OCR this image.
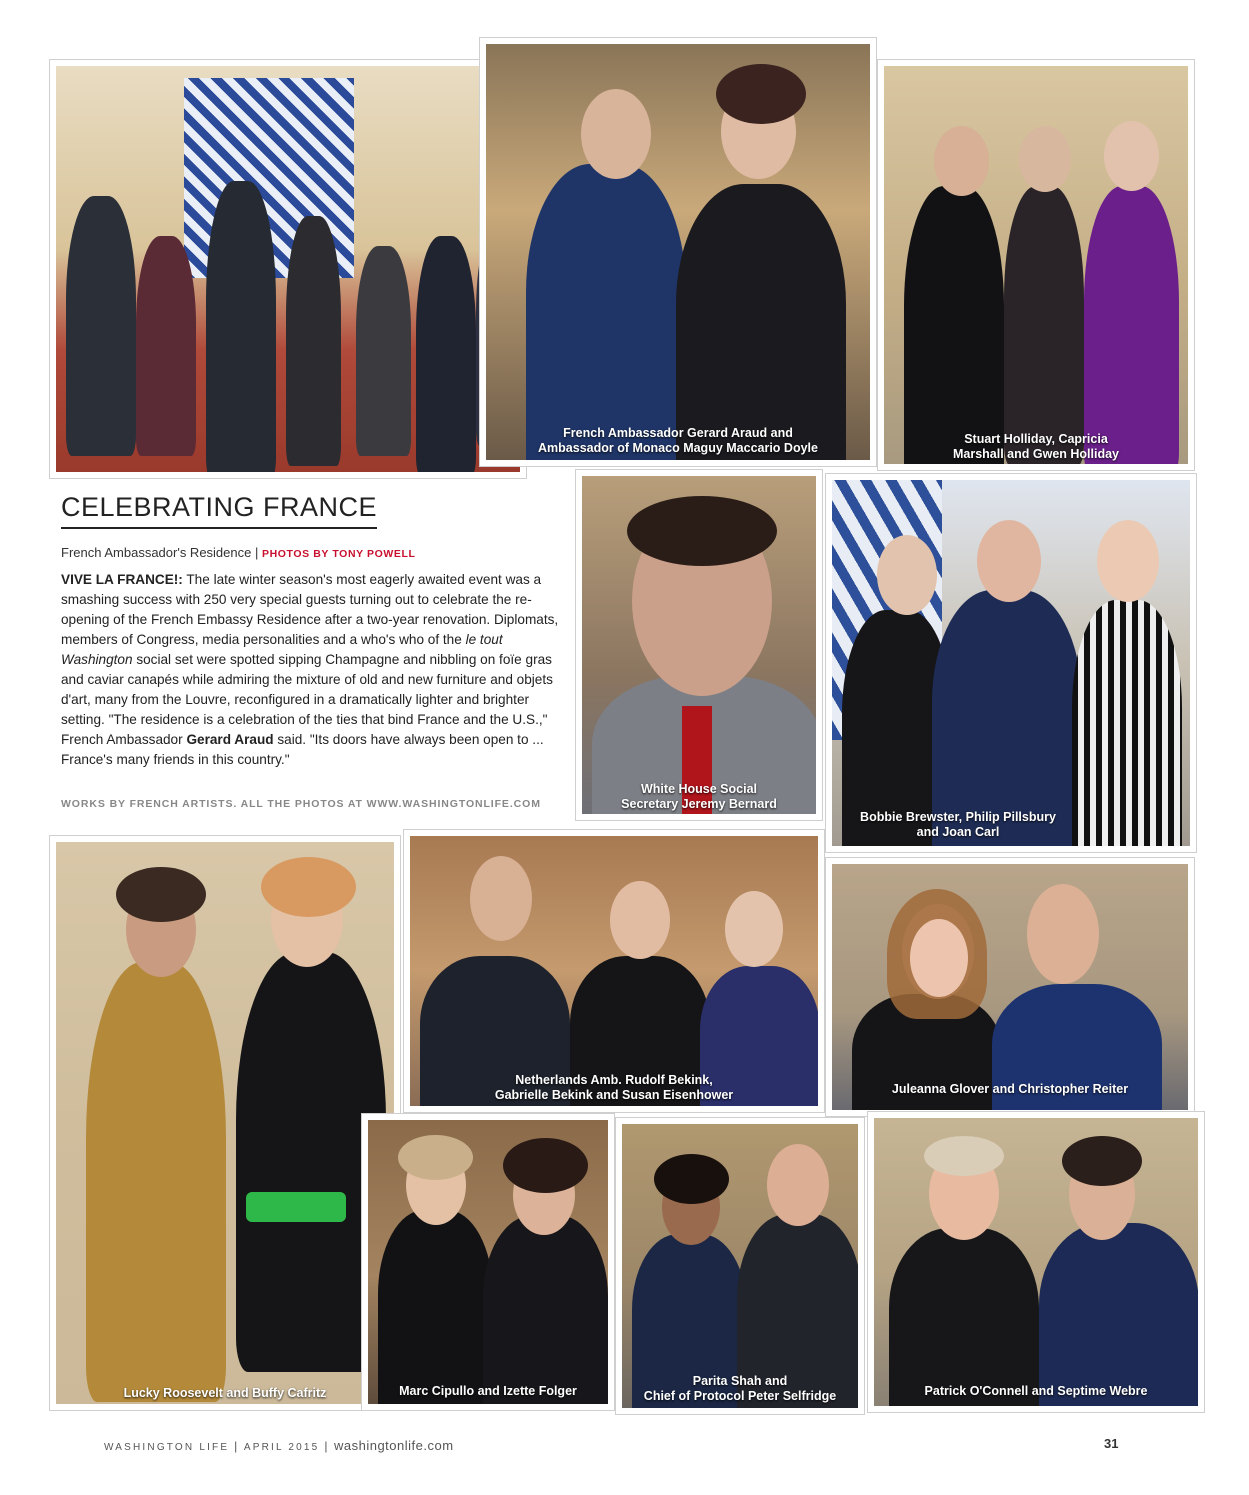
French Ambassador Gerard Araud and
Ambassador of Monaco Maguy Maccario Doyle
Stuart Holliday, Capricia
Marshall and Gwen Holliday
White House Social
Secretary Jeremy Bernard
Bobbie Brewster, Philip Pillsbury
and Joan Carl
CELEBRATING FRANCE
French Ambassador's Residence | PHOTOS BY TONY POWELL
VIVE LA FRANCE!: The late winter season's most eagerly awaited event was a smashing success with 250 very special guests turning out to celebrate the re-opening of the French Embassy Residence after a two-year renovation. Diplomats, members of Congress, media personalities and a who's who of the le tout Washington social set were spotted sipping Champagne and nibbling on foïe gras and caviar canapés while admiring the mixture of old and new furniture and objets d'art, many from the Louvre, reconfigured in a dramatically lighter and brighter setting. "The residence is a celebration of the ties that bind France and the U.S.," French Ambassador Gerard Araud said. "Its doors have always been open to ... France's many friends in this country."
WORKS BY FRENCH ARTISTS. ALL THE PHOTOS AT WWW.WASHINGTONLIFE.COM
Lucky Roosevelt and Buffy Cafritz
Netherlands Amb. Rudolf Bekink,
Gabrielle Bekink and Susan Eisenhower	Juleanna Glover and Christopher Reiter
Marc Cipullo and Izette Folger
Parita Shah and
Chief of Protocol Peter Selfridge	Patrick O'Connell and Septime Webre
WASHINGTON LIFE | APRIL 2015 | washingtonlife.com	31
